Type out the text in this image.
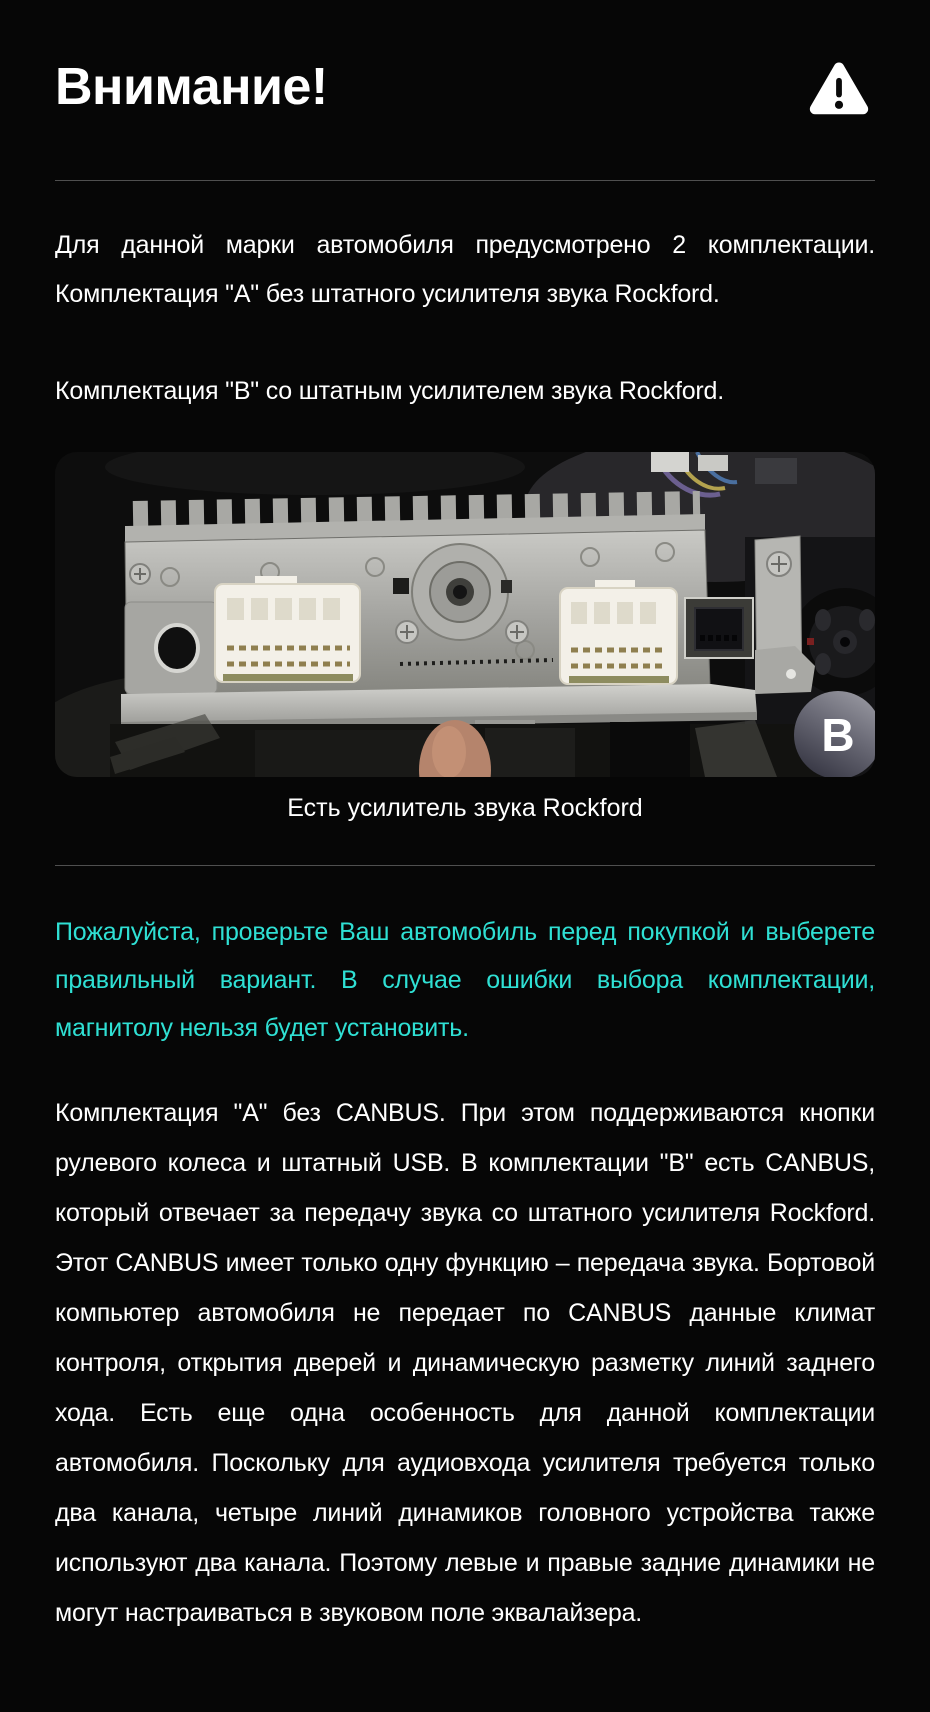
Внимание!
Для данной марки автомобиля предусмотрено 2 комплектации.
Комплектация "A" без штатного усилителя звука Rockford.
Комплектация "B" со штатным усилителем звука Rockford.
B
Есть усилитель звука Rockford
Пожалуйста, проверьте Ваш автомобиль перед покупкой и выберете
правильный вариант. В случае ошибки выбора комплектации,
магнитолу нельзя будет установить.
Комплектация "A" без CANBUS. При этом поддерживаются кнопки
рулевого колеса и штатный USB. В комплектации "B" есть CANBUS,
который отвечает за передачу звука со штатного усилителя Rockford.
Этот CANBUS имеет только одну функцию – передача звука. Бортовой
компьютер автомобиля не передает по CANBUS данные климат
контроля, открытия дверей и динамическую разметку линий заднего
хода. Есть еще одна особенность для данной комплектации
автомобиля. Поскольку для аудиовхода усилителя требуется только
два канала, четыре линий динамиков головного устройства также
используют два канала. Поэтому левые и правые задние динамики не
могут настраиваться в звуковом поле эквалайзера.
